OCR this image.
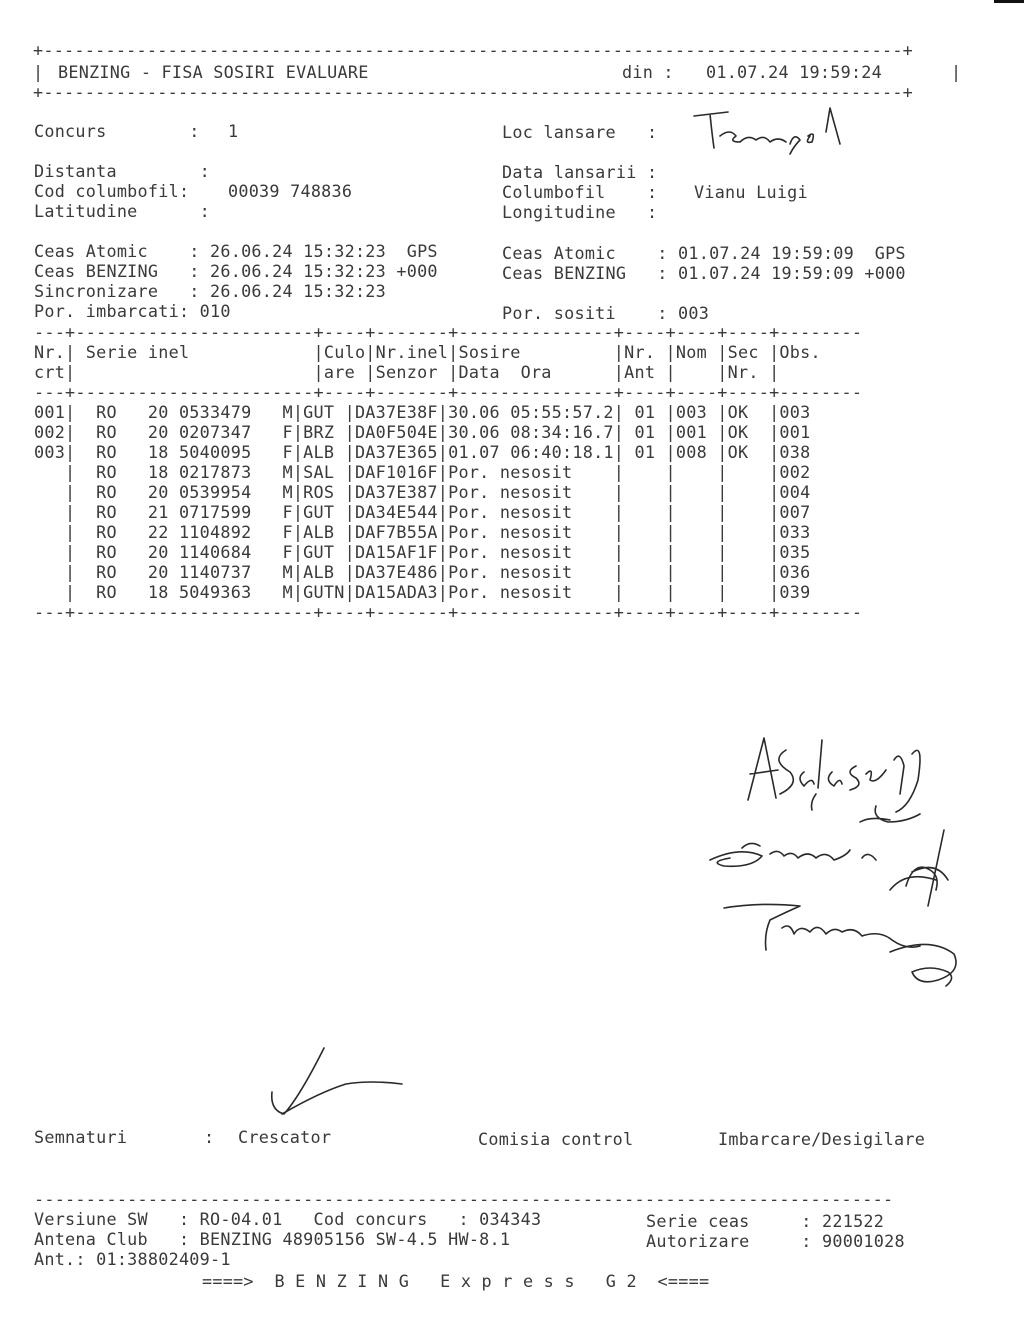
+-----------------------------------------------------------------------------------+
| BENZING - FISA SOSIRI EVALUARE	din : 01.07.24 19:59:24	|
+-----------------------------------------------------------------------------------+
Concurs        : 1	Loc lansare   :
Distanta        :	Data lansarii :
Cod columbofil: 00039 748836	Columbofil    : Vianu Luigi
Latitudine      :	Longitudine   :
Ceas Atomic    : 26.06.24 15:32:23  GPS
Ceas BENZING   : 26.06.24 15:32:23 +000
Sincronizare   : 26.06.24 15:32:23
Por. imbarcati: 010
Ceas Atomic    : 01.07.24 19:59:09  GPS
Ceas BENZING   : 01.07.24 19:59:09 +000
Por. sositi    : 003
---+-----------------------+----+-------+---------------+----+----+----+--------
Nr.| Serie inel            |Culo|Nr.inel|Sosire         |Nr. |Nom |Sec |Obs.
crt|                       |are |Senzor |Data  Ora      |Ant |    |Nr. |
---+-----------------------+----+-------+---------------+----+----+----+--------
001|  RO   20 0533479   M|GUT |DA37E38F|30.06 05:55:57.2| 01 |003 |OK  |003
002|  RO   20 0207347   F|BRZ |DA0F504E|30.06 08:34:16.7| 01 |001 |OK  |001
003|  RO   18 5040095   F|ALB |DA37E365|01.07 06:40:18.1| 01 |008 |OK  |038
|  RO   18 0217873   M|SAL |DAF1016F|Por. nesosit    |    |    |    |002
|  RO   20 0539954   M|ROS |DA37E387|Por. nesosit    |    |    |    |004
|  RO   21 0717599   F|GUT |DA34E544|Por. nesosit    |    |    |    |007
|  RO   22 1104892   F|ALB |DAF7B55A|Por. nesosit    |    |    |    |033
|  RO   20 1140684   F|GUT |DA15AF1F|Por. nesosit    |    |    |    |035
|  RO   20 1140737   M|ALB |DA37E486|Por. nesosit    |    |    |    |036
|  RO   18 5049363   M|GUTN|DA15ADA3|Por. nesosit    |    |    |    |039
---+-----------------------+----+-------+---------------+----+----+----+--------
Semnaturi	: Crescator	Comisia control	Imbarcare/Desigilare
-----------------------------------------------------------------------------------
Versiune SW   : RO-04.01   Cod concurs   : 034343	Serie ceas     : 221522
Antena Club   : BENZING 48905156 SW-4.5 HW-8.1	Autorizare     : 90001028
Ant.: 01:38802409-1
====>  B E N Z I N G   E x p r e s s   G 2  <====
